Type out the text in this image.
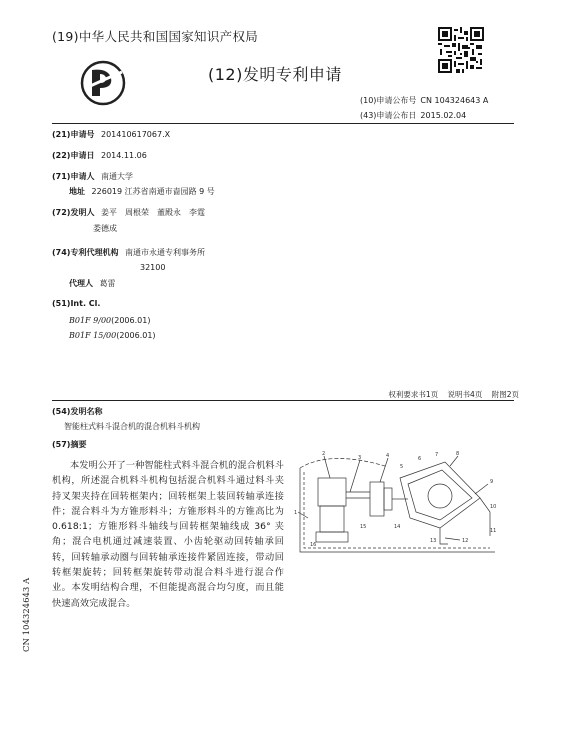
(19)中华人民共和国国家知识产权局
(12)发明专利申请
(10)申请公布号 CN 104324643 A
(43)申请公布日 2015.02.04
(21)申请号 201410617067.X
(22)申请日 2014.11.06
(71)申请人 南通大学
地址 226019 江苏省南通市啬园路 9 号
(72)发明人 姜平　周根荣　董殿永　李霆
娄德成
(74)专利代理机构 南通市永通专利事务所
32100
代理人 葛雷
(51)Int. Cl.
B01F 9/00(2006.01)
B01F 15/00(2006.01)
权利要求书1页 说明书4页 附图2页
(54)发明名称
智能柱式料斗混合机的混合机料斗机构
(57)摘要
本发明公开了一种智能柱式料斗混合机的混合机料斗机构，所述混合机料斗机构包括混合机料斗通过料斗夹持叉架夹持在回转框架内；回转框架上装回转轴承连接件；混合料斗为方锥形料斗；方锥形料斗的方锥高比为 0.618:1；方锥形料斗轴线与回转框架轴线成 36° 夹角；混合电机通过减速装置、小齿轮驱动回转轴承回转，回转轴承动圈与回转轴承连接件紧固连接，带动回转框架旋转；回转框架旋转带动混合料斗进行混合作业。本发明结构合理，不但能提高混合均匀度，而且能快速高效完成混合。
1
2
3	4
5
6
7	8
9
10
11
12
13
14
15
16
CN 104324643 A
